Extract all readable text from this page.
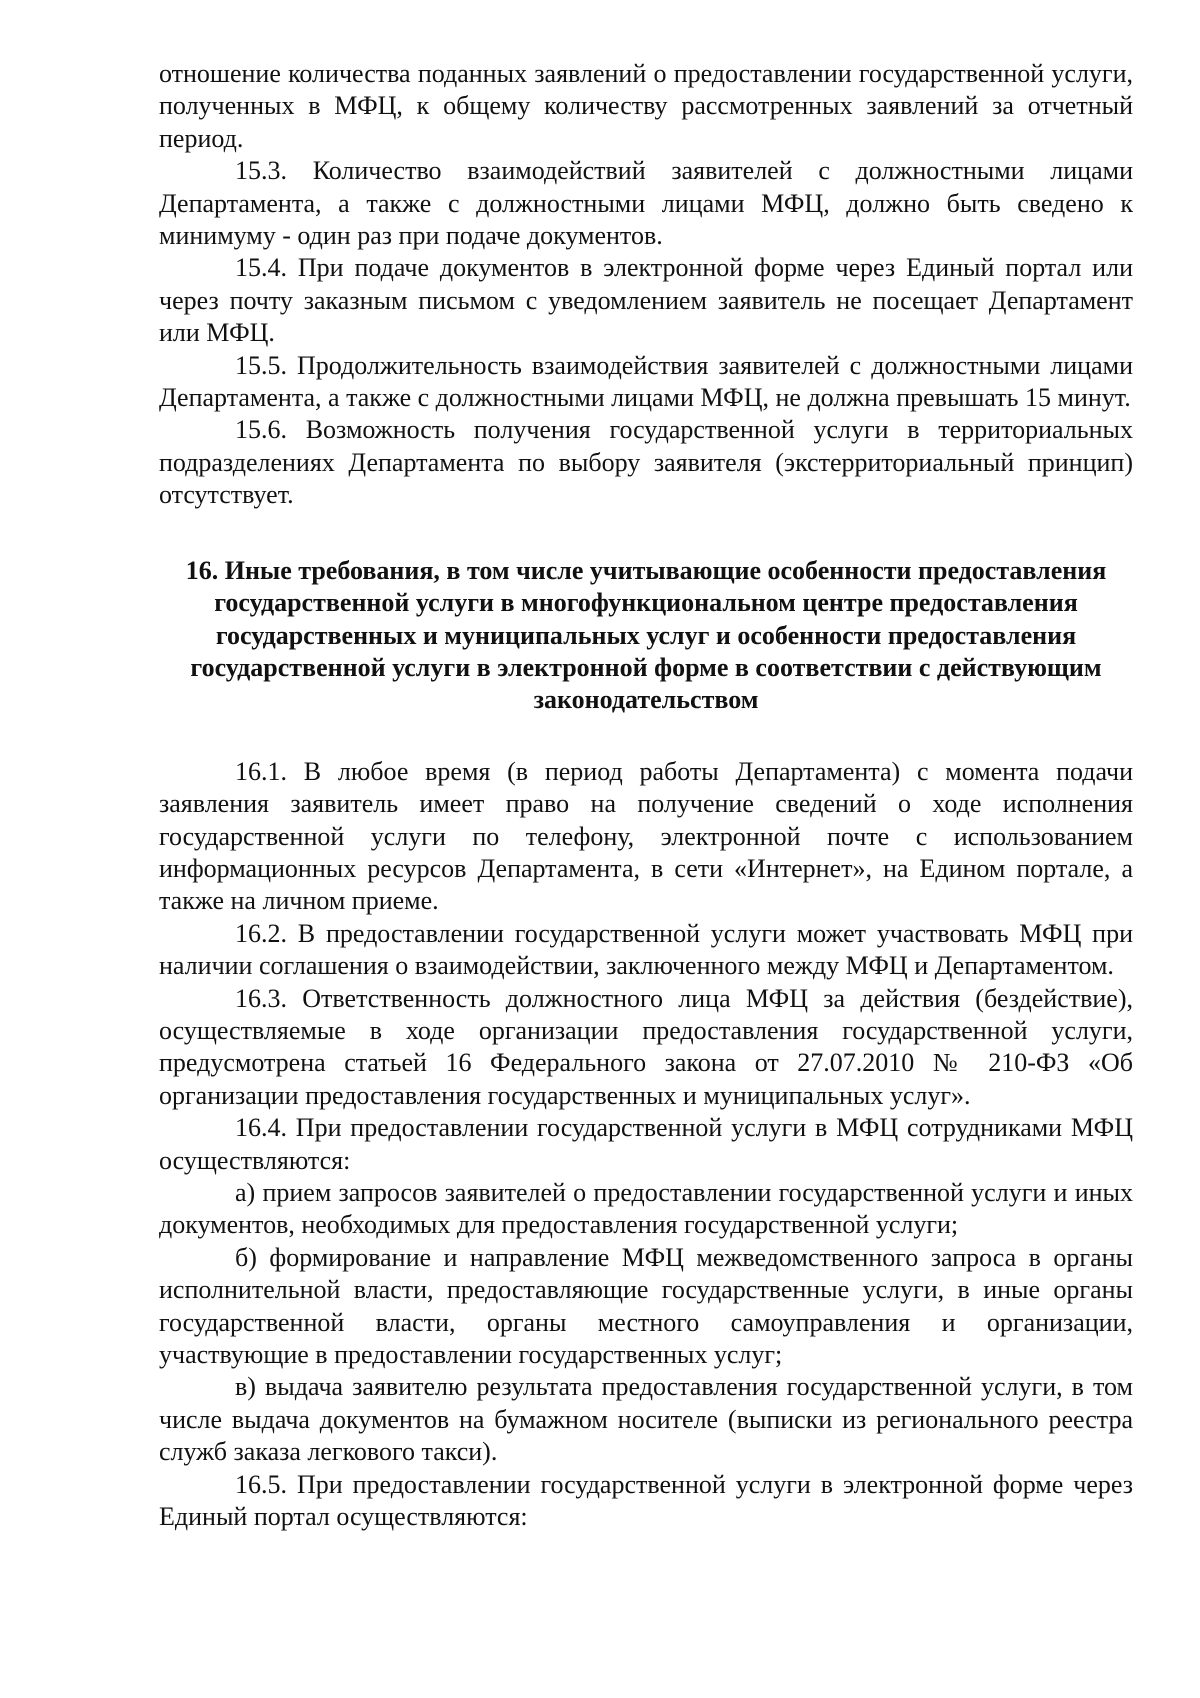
отношение количества поданных заявлений о предоставлении государственной услуги, полученных в МФЦ, к общему количеству рассмотренных заявлений за отчетный период.

15.3. Количество взаимодействий заявителей с должностными лицами Департамента, а также с должностными лицами МФЦ, должно быть сведено к минимуму - один раз при подаче документов.

15.4. При подаче документов в электронной форме через Единый портал или через почту заказным письмом с уведомлением заявитель не посещает Департамент или МФЦ.

15.5. Продолжительность взаимодействия заявителей с должностными лицами Департамента, а также с должностными лицами МФЦ, не должна превышать 15 минут.

15.6. Возможность получения государственной услуги в территориальных подразделениях Департамента по выбору заявителя (экстерриториальный принцип) отсутствует.

16. Иные требования, в том числе учитывающие особенности предоставления государственной услуги в многофункциональном центре предоставления государственных и муниципальных услуг и особенности предоставления государственной услуги в электронной форме в соответствии с действующим законодательством

16.1. В любое время (в период работы Департамента) с момента подачи заявления заявитель имеет право на получение сведений о ходе исполнения государственной услуги по телефону, электронной почте с использованием информационных ресурсов Департамента, в сети «Интернет», на Едином портале, а также на личном приеме.

16.2. В предоставлении государственной услуги может участвовать МФЦ при наличии соглашения о взаимодействии, заключенного между МФЦ и Департаментом.

16.3. Ответственность должностного лица МФЦ за действия (бездействие), осуществляемые в ходе организации предоставления государственной услуги, предусмотрена статьей 16 Федерального закона от 27.07.2010 № 210-ФЗ «Об организации предоставления государственных и муниципальных услуг».

16.4. При предоставлении государственной услуги в МФЦ сотрудниками МФЦ осуществляются:

а) прием запросов заявителей о предоставлении государственной услуги и иных документов, необходимых для предоставления государственной услуги;

б) формирование и направление МФЦ межведомственного запроса в органы исполнительной власти, предоставляющие государственные услуги, в иные органы государственной власти, органы местного самоуправления и организации, участвующие в предоставлении государственных услуг;

в) выдача заявителю результата предоставления государственной услуги, в том числе выдача документов на бумажном носителе (выписки из регионального реестра служб заказа легкового такси).

16.5. При предоставлении государственной услуги в электронной форме через Единый портал осуществляются:
